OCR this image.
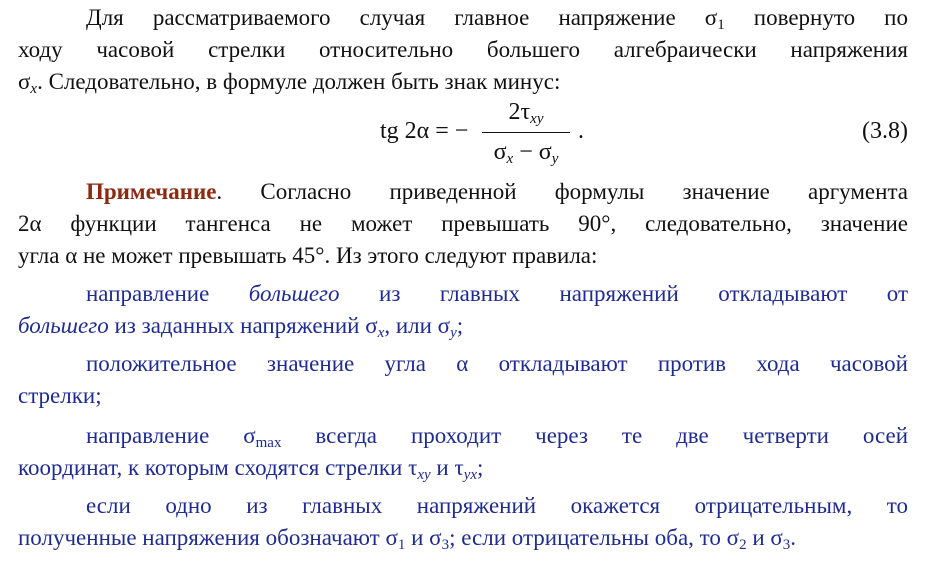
Для рассматриваемого случая главное напряжение $\sigma_1$ повернуто по
ходу часовой стрелки относительно большего алгебраически напряжения
$\sigma_x$. Следовательно, в формуле должен быть знак минус:
tg 2α = −
$2\tau_{xy}$
$\sigma_x - \sigma_y$
.	(3.8)
Примечание. Согласно приведенной формулы значение аргумента
2α функции тангенса не может превышать 90°, следовательно, значение
угла α не может превышать 45°. Из этого следуют правила:
направление большего из главных напряжений откладывают от
большего из заданных напряжений $\sigma_x$, или $\sigma_y$;
положительное значение угла α откладывают против хода часовой
стрелки;
направление $\sigma_{max}$ всегда проходит через те две четверти осей
координат, к которым сходятся стрелки $\tau_{xy}$ и $\tau_{yx}$;
если одно из главных напряжений окажется отрицательным, то
полученные напряжения обозначают $\sigma_1$ и $\sigma_3$; если отрицательны оба, то $\sigma_2$ и $\sigma_3$.
